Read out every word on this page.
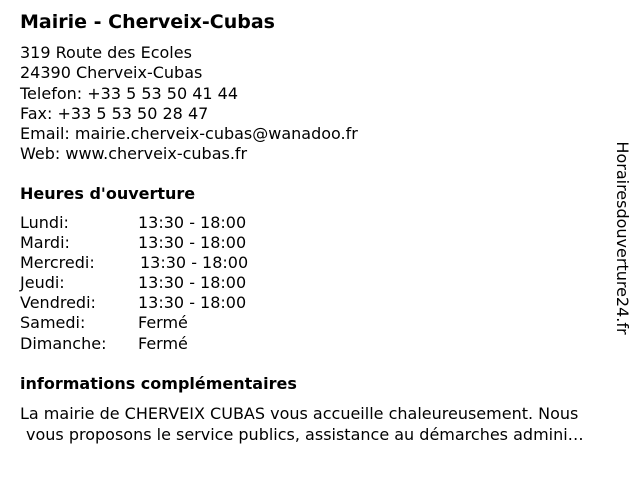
Mairie - Cherveix-Cubas
319 Route des Ecoles
24390 Cherveix-Cubas
Telefon: +33 5 53 50 41 44
Fax: +33 5 53 50 28 47
Email: mairie.cherveix-cubas@wanadoo.fr
Web: www.cherveix-cubas.fr
Heures d'ouverture
Lundi:	13:30 - 18:00
Mardi:	13:30 - 18:00
Mercredi:	13:30 - 18:00
Jeudi:	13:30 - 18:00
Vendredi:	13:30 - 18:00
Samedi:	Fermé
Dimanche: Fermé
informations complémentaires
La mairie de CHERVEIX CUBAS vous accueille chaleureusement. Nous
vous proposons le service publics, assistance au démarches admini…
Horairesdouverture24.fr
